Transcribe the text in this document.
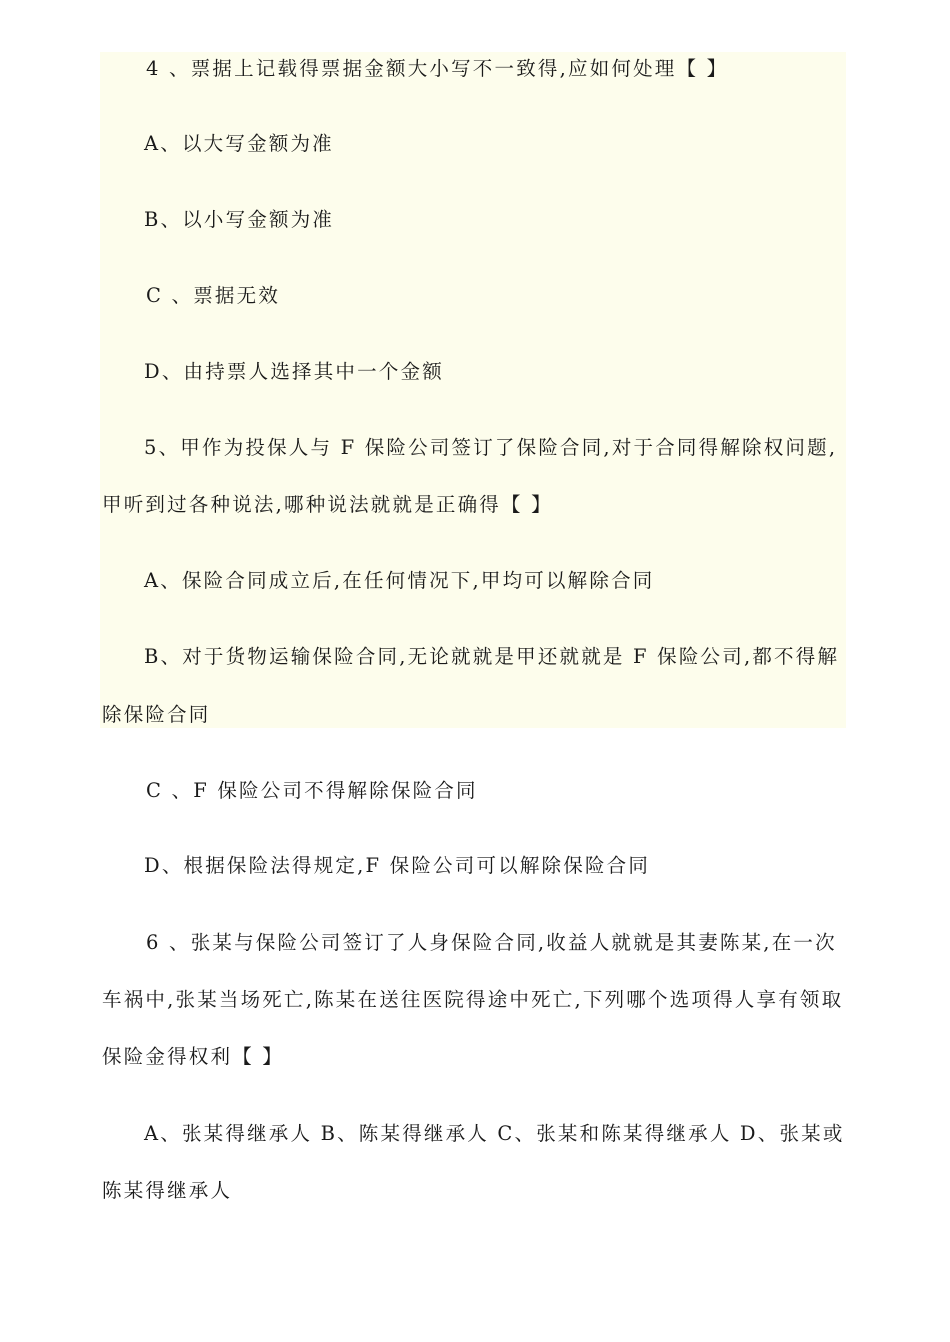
4 、票据上记载得票据金额大小写不一致得,应如何处理【 】
A、以大写金额为准
B、以小写金额为准
C 、票据无效
D、由持票人选择其中一个金额
5、甲作为投保人与 F 保险公司签订了保险合同,对于合同得解除权问题,
甲听到过各种说法,哪种说法就就是正确得【 】
A、保险合同成立后,在任何情况下,甲均可以解除合同
B、对于货物运输保险合同,无论就就是甲还就就是 F 保险公司,都不得解
除保险合同
C 、F 保险公司不得解除保险合同
D、根据保险法得规定,F 保险公司可以解除保险合同
6 、张某与保险公司签订了人身保险合同,收益人就就是其妻陈某,在一次
车祸中,张某当场死亡,陈某在送往医院得途中死亡,下列哪个选项得人享有领取
保险金得权利【 】
A、张某得继承人 B、陈某得继承人 C、张某和陈某得继承人 D、张某或
陈某得继承人
